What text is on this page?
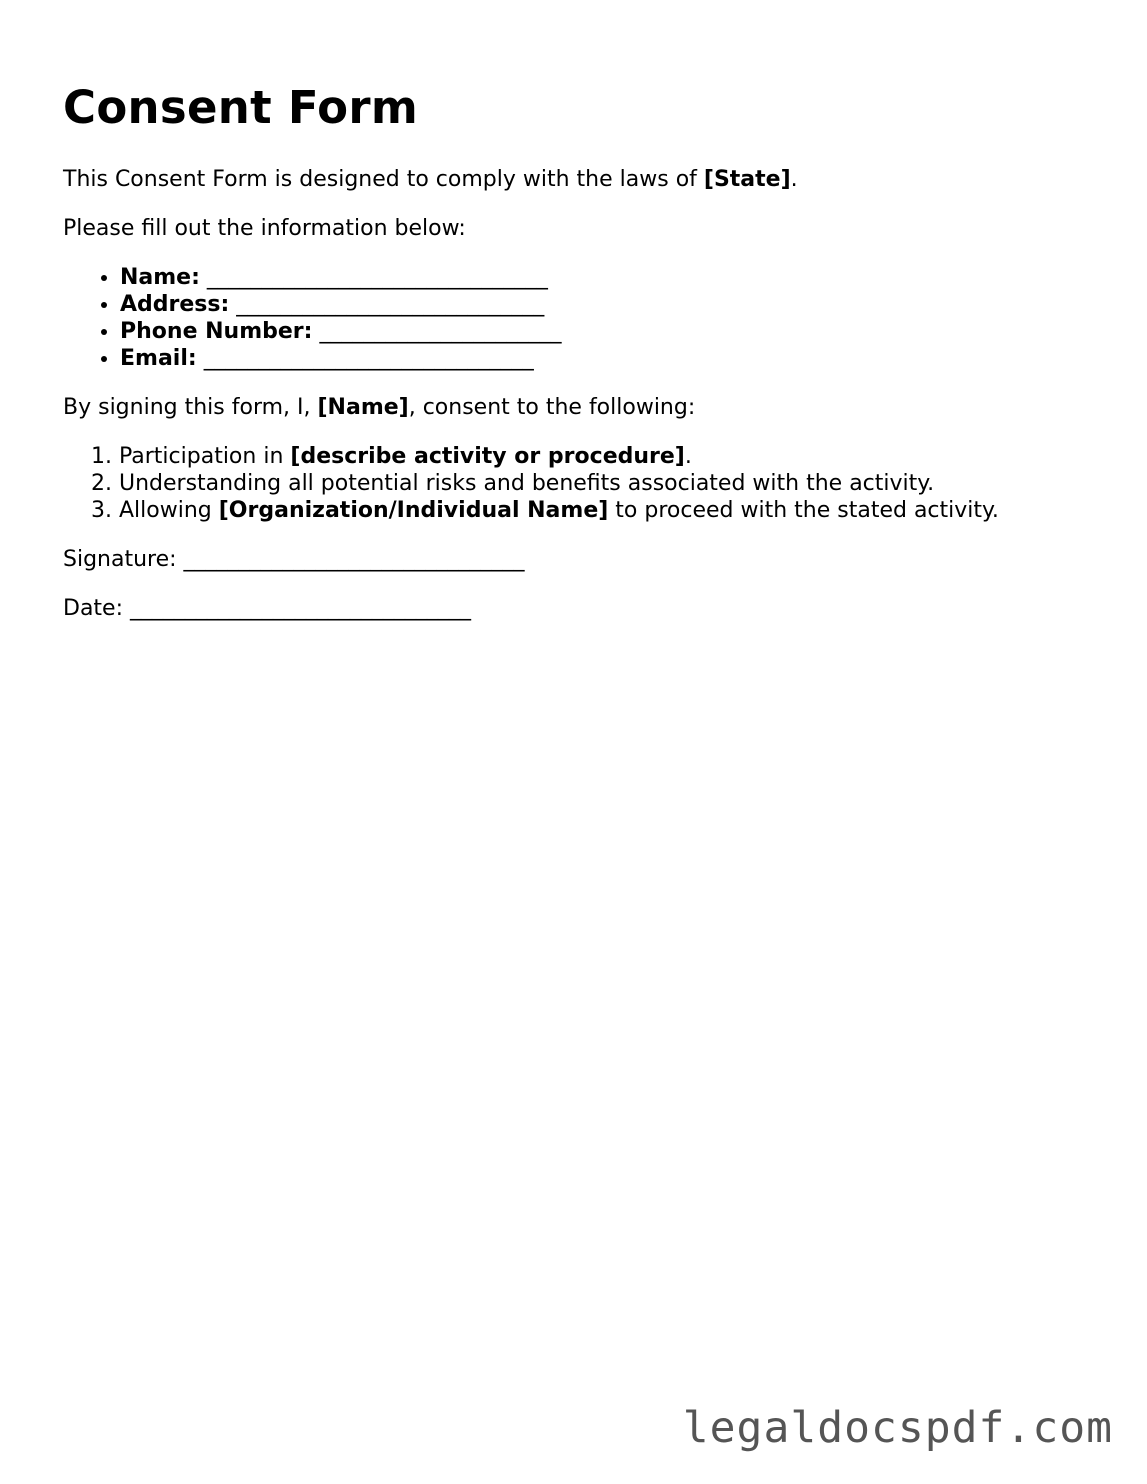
Consent Form

This Consent Form is designed to comply with the laws of [State].

Please fill out the information below:

• Name: _______________________________
• Address: ____________________________
• Phone Number: ______________________
• Email: ______________________________

By signing this form, I, [Name], consent to the following:

1. Participation in [describe activity or procedure].
2. Understanding all potential risks and benefits associated with the activity.
3. Allowing [Organization/Individual Name] to proceed with the stated activity.

Signature: _______________________________

Date: _______________________________

legaldocspdf.com
